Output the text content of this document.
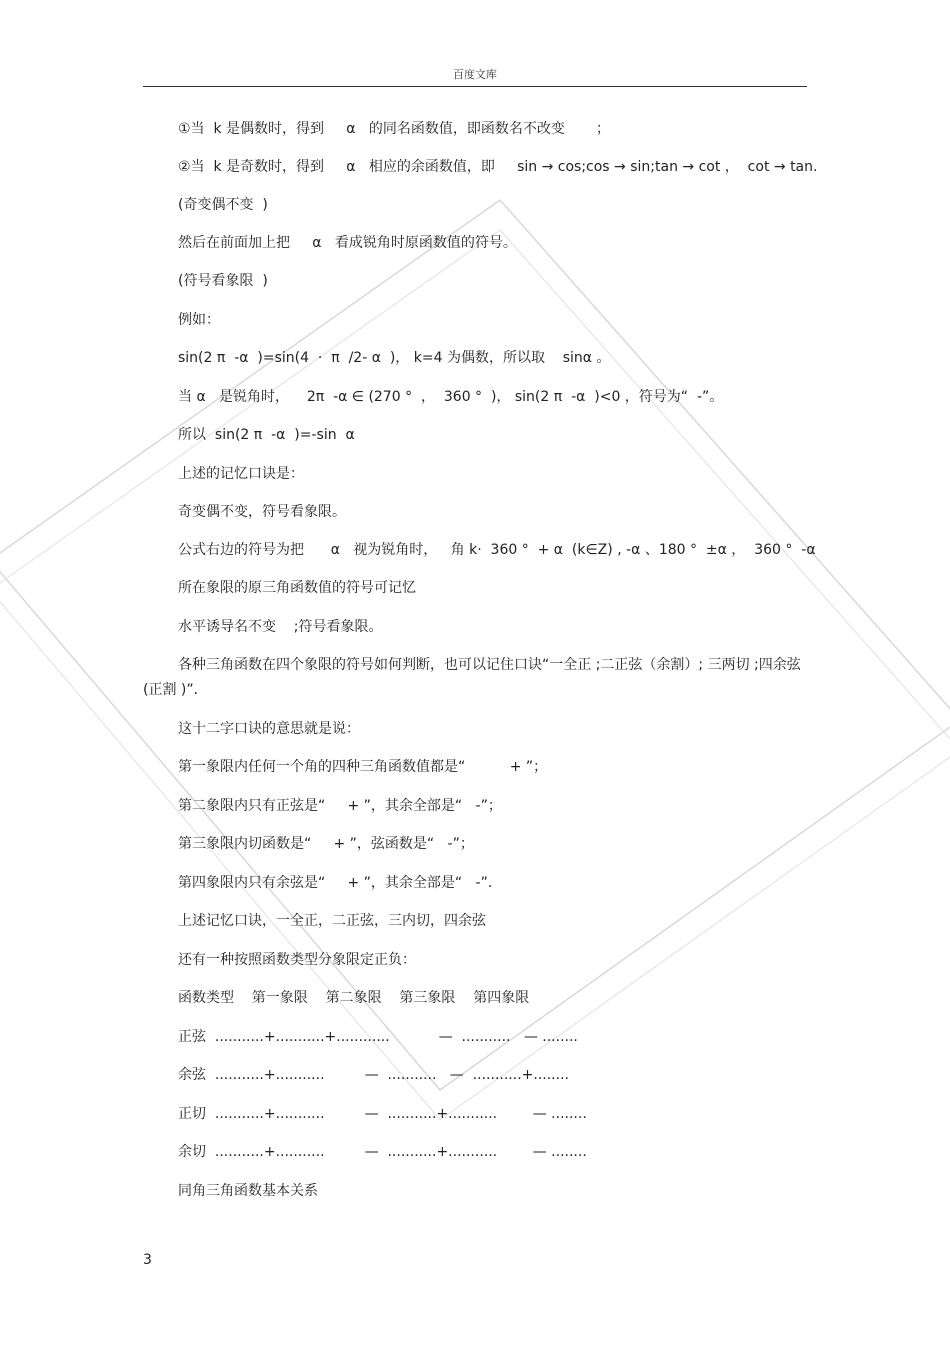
百度文库
①当  k 是偶数时，得到     α   的同名函数值，即函数名不改变       ；
②当  k 是奇数时，得到     α   相应的余函数值，即     sin → cos;cos → sin;tan → cot ，  cot → tan.
(奇变偶不变  )
然后在前面加上把     α   看成锐角时原函数值的符号。
(符号看象限  )
例如：
sin(2 π  -α  )=sin(4  ·  π  /2- α  )， k=4 为偶数，所以取    sinα 。
当 α   是锐角时，    2π  -α ∈ (270 °  ，  360 °  )， sin(2 π  -α  )<0 ，符号为“  -”。
所以  sin(2 π  -α  )=-sin  α
上述的记忆口诀是：
奇变偶不变，符号看象限。
公式右边的符号为把      α   视为锐角时，   角 k·  360 °  + α  (k∈Z) , -α 、180 °  ±α ，  360 °  -α
所在象限的原三角函数值的符号可记忆
水平诱导名不变    ;符号看象限。
各种三角函数在四个象限的符号如何判断，也可以记住口诀“一全正 ;二正弦（余割）; 三两切 ;四余弦 (正割 )”．
这十二字口诀的意思就是说：
第一象限内任何一个角的四种三角函数值都是“          + ”；
第二象限内只有正弦是“     + ”，其余全部是“   -”；
第三象限内切函数是“     + ”，弦函数是“   -”；
第四象限内只有余弦是“     + ”，其余全部是“   -”.
上述记忆口诀，一全正，二正弦，三内切，四余弦
还有一种按照函数类型分象限定正负：
函数类型    第一象限    第二象限    第三象限    第四象限
正弦  ...........+...........+............           —  ...........   — ........
余弦  ...........+...........         —  ...........   —  ...........+........
正切  ...........+...........         —  ...........+...........        — ........
余切  ...........+...........         —  ...........+...........        — ........
同角三角函数基本关系
3
